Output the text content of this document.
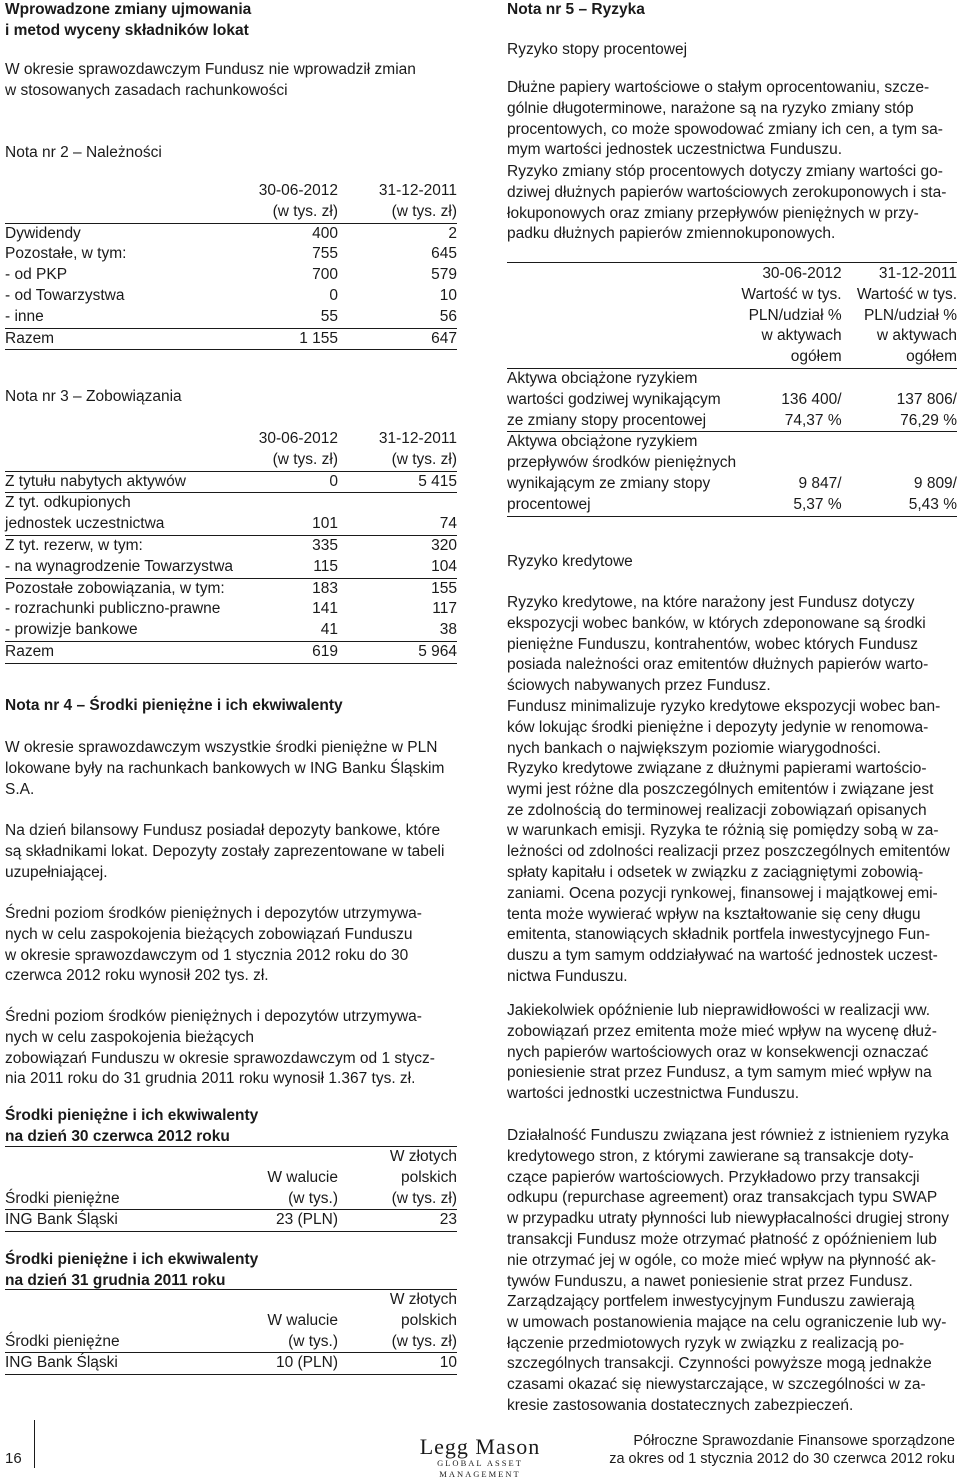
Wprowadzone zmiany ujmowania
i metod wyceny składników lokat

W okresie sprawozdawczym Fundusz nie wprowadził zmian
w stosowanych zasadach rachunkowości

Nota nr 2 – Należności

	30-06-2012	31-12-2011
	(w tys. zł)	(w tys. zł)
Dywidendy	400	2
Pozostałe, w tym:	755	645
- od PKP	700	579
- od Towarzystwa	0	10
- inne	55	56
Razem	1 155	647

Nota nr 3 – Zobowiązania

	30-06-2012	31-12-2011
	(w tys. zł)	(w tys. zł)
Z tytułu nabytych aktywów	0	5 415
Z tyt. odkupionych		
jednostek uczestnictwa	101	74
Z tyt. rezerw, w tym:	335	320
- na wynagrodzenie Towarzystwa	115	104
Pozostałe zobowiązania, w tym:	183	155
- rozrachunki publiczno-prawne	141	117
- prowizje bankowe	41	38
Razem	619	5 964

Nota nr 4 – Środki pieniężne i ich ekwiwalenty

W okresie sprawozdawczym wszystkie środki pieniężne w PLN
lokowane były na rachunkach bankowych w ING Banku Śląskim
S.A.

Na dzień bilansowy Fundusz posiadał depozyty bankowe, które
są składnikami lokat. Depozyty zostały zaprezentowane w tabeli
uzupełniającej.

Średni poziom środków pieniężnych i depozytów utrzymywa-
nych w celu zaspokojenia bieżących zobowiązań Funduszu
w okresie sprawozdawczym od 1 stycznia 2012 roku do 30
czerwca 2012 roku wynosił 202 tys. zł.

Średni poziom środków pieniężnych i depozytów utrzymywa-
nych w celu zaspokojenia bieżących
zobowiązań Funduszu w okresie sprawozdawczym od 1 stycz-
nia 2011 roku do 31 grudnia 2011 roku wynosił 1.367 tys. zł.

Środki pieniężne i ich ekwiwalenty
na dzień 30 czerwca 2012 roku

		W złotych
	W walucie	polskich
Środki pieniężne	(w tys.)	(w tys. zł)
ING Bank Śląski	23 (PLN)	23

Środki pieniężne i ich ekwiwalenty
na dzień 31 grudnia 2011 roku

		W złotych
	W walucie	polskich
Środki pieniężne	(w tys.)	(w tys. zł)
ING Bank Śląski	10 (PLN)	10

Nota nr 5 – Ryzyka

Ryzyko stopy procentowej

Dłużne papiery wartościowe o stałym oprocentowaniu, szcze-
gólnie długoterminowe, narażone są na ryzyko zmiany stóp
procentowych, co może spowodować zmiany ich cen, a tym sa-
mym wartości jednostek uczestnictwa Funduszu.

Ryzyko zmiany stóp procentowych dotyczy zmiany wartości go-
dziwej dłużnych papierów wartościowych zerokuponowych i sta-
łokuponowych oraz zmiany przepływów pieniężnych w przy-
padku dłużnych papierów zmiennokuponowych.

	30-06-2012	31-12-2011
	Wartość w tys.	Wartość w tys.
	PLN/udział %	PLN/udział %
	w aktywach	w aktywach
	ogółem	ogółem
Aktywa obciążone ryzykiem		
wartości godziwej wynikającym	136 400/	137 806/
ze zmiany stopy procentowej	74,37 %	76,29 %
Aktywa obciążone ryzykiem		
przepływów środków pieniężnych		
wynikającym ze zmiany stopy	9 847/	9 809/
procentowej	5,37 %	5,43 %

Ryzyko kredytowe

Ryzyko kredytowe, na które narażony jest Fundusz dotyczy
ekspozycji wobec banków, w których zdeponowane są środki
pieniężne Funduszu, kontrahentów, wobec których Fundusz
posiada należności oraz emitentów dłużnych papierów warto-
ściowych nabywanych przez Fundusz.

Fundusz minimalizuje ryzyko kredytowe ekspozycji wobec ban-
ków lokując środki pieniężne i depozyty jedynie w renomowa-
nych bankach o największym poziomie wiarygodności.

Ryzyko kredytowe związane z dłużnymi papierami wartościo-
wymi jest różne dla poszczególnych emitentów i związane jest
ze zdolnością do terminowej realizacji zobowiązań opisanych
w warunkach emisji. Ryzyka te różnią się pomiędzy sobą w za-
leżności od zdolności realizacji przez poszczególnych emitentów
spłaty kapitału i odsetek w związku z zaciągniętymi zobowią-
zaniami. Ocena pozycji rynkowej, finansowej i majątkowej emi-
tenta może wywierać wpływ na kształtowanie się ceny długu
emitenta, stanowiących składnik portfela inwestycyjnego Fun-
duszu a tym samym oddziaływać na wartość jednostek uczest-
nictwa Funduszu.

Jakiekolwiek opóźnienie lub nieprawidłowości w realizacji ww.
zobowiązań przez emitenta może mieć wpływ na wycenę dłuż-
nych papierów wartościowych oraz w konsekwencji oznaczać
poniesienie strat przez Fundusz, a tym samym mieć wpływ na
wartości jednostki uczestnictwa Funduszu.

Działalność Funduszu związana jest również z istnieniem ryzyka
kredytowego stron, z którymi zawierane są transakcje doty-
czące papierów wartościowych. Przykładowo przy transakcji
odkupu (repurchase agreement) oraz transakcjach typu SWAP
w przypadku utraty płynności lub niewypłacalności drugiej strony
transakcji Fundusz może otrzymać płatność z opóźnieniem lub
nie otrzymać jej w ogóle, co może mieć wpływ na płynność ak-
tywów Funduszu, a nawet poniesienie strat przez Fundusz.

Zarządzający portfelem inwestycyjnym Funduszu zawierają
w umowach postanowienia mające na celu ograniczenie lub wy-
łączenie przedmiotowych ryzyk w związku z realizacją po-
szczególnych transakcji. Czynności powyższe mogą jednakże
czasami okazać się niewystarczające, w szczególności w za-
kresie zastosowania dostatecznych zabezpieczeń.

16	Legg Mason
GLOBAL ASSET MANAGEMENT
Półroczne Sprawozdanie Finansowe sporządzone
za okres od 1 stycznia 2012 do 30 czerwca 2012 roku
